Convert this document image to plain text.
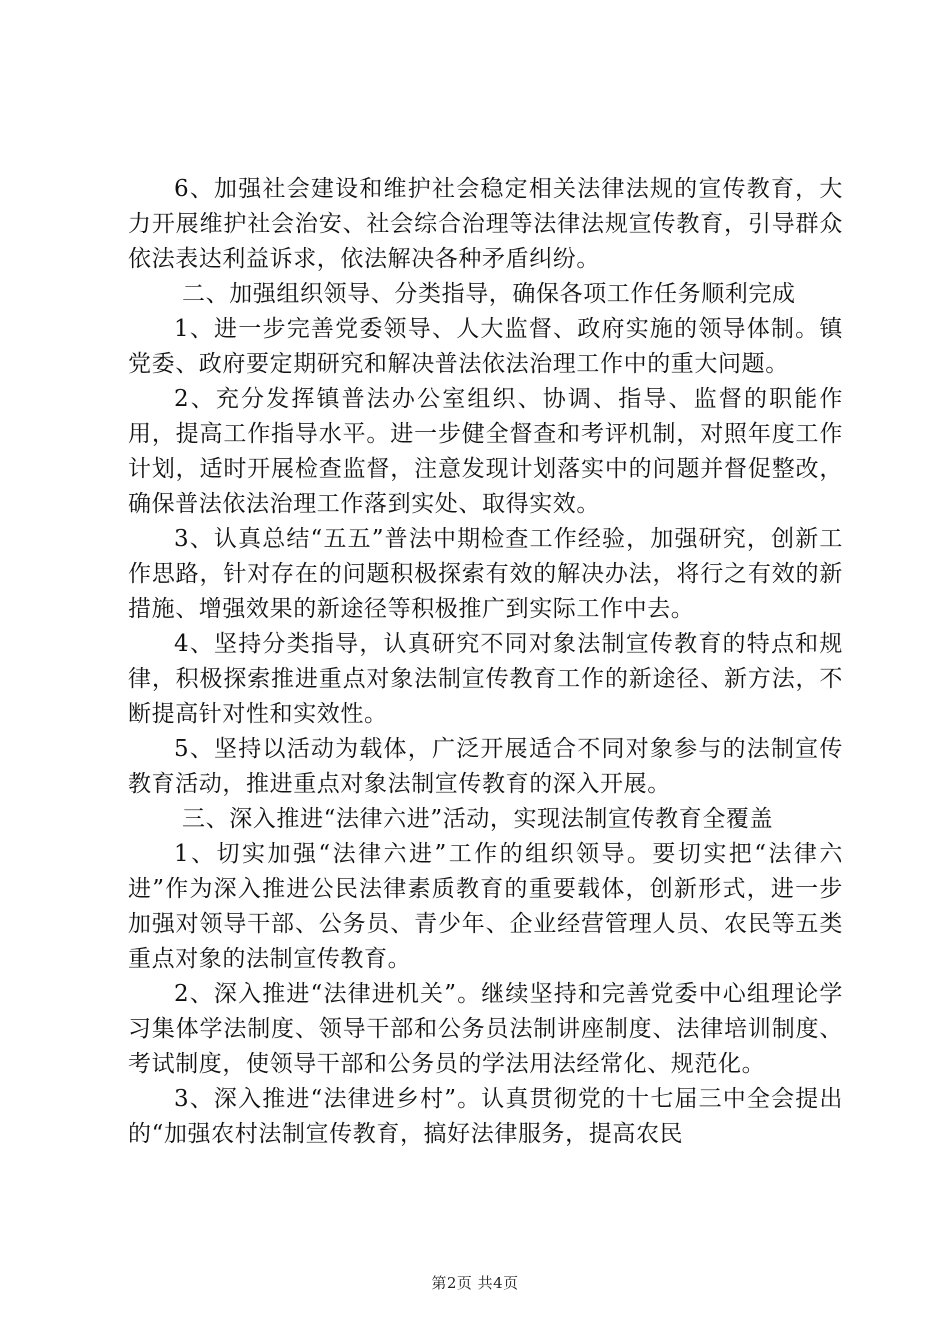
6、加强社会建设和维护社会稳定相关法律法规的宣传教育，大力开展维护社会治安、社会综合治理等法律法规宣传教育，引导群众依法表达利益诉求，依法解决各种矛盾纠纷。

二、加强组织领导、分类指导，确保各项工作任务顺利完成

1、进一步完善党委领导、人大监督、政府实施的领导体制。镇党委、政府要定期研究和解决普法依法治理工作中的重大问题。

2、充分发挥镇普法办公室组织、协调、指导、监督的职能作用，提高工作指导水平。进一步健全督查和考评机制，对照年度工作计划，适时开展检查监督，注意发现计划落实中的问题并督促整改，确保普法依法治理工作落到实处、取得实效。

3、认真总结“五五”普法中期检查工作经验，加强研究，创新工作思路，针对存在的问题积极探索有效的解决办法，将行之有效的新措施、增强效果的新途径等积极推广到实际工作中去。

4、坚持分类指导，认真研究不同对象法制宣传教育的特点和规律，积极探索推进重点对象法制宣传教育工作的新途径、新方法，不断提高针对性和实效性。

5、坚持以活动为载体，广泛开展适合不同对象参与的法制宣传教育活动，推进重点对象法制宣传教育的深入开展。

三、深入推进“法律六进”活动，实现法制宣传教育全覆盖

1、切实加强“法律六进”工作的组织领导。要切实把“法律六进”作为深入推进公民法律素质教育的重要载体，创新形式，进一步加强对领导干部、公务员、青少年、企业经营管理人员、农民等五类重点对象的法制宣传教育。

2、深入推进“法律进机关”。继续坚持和完善党委中心组理论学习集体学法制度、领导干部和公务员法制讲座制度、法律培训制度、考试制度，使领导干部和公务员的学法用法经常化、规范化。

3、深入推进“法律进乡村”。认真贯彻党的十七届三中全会提出的“加强农村法制宣传教育，搞好法律服务，提高农民

第2页 共4页
